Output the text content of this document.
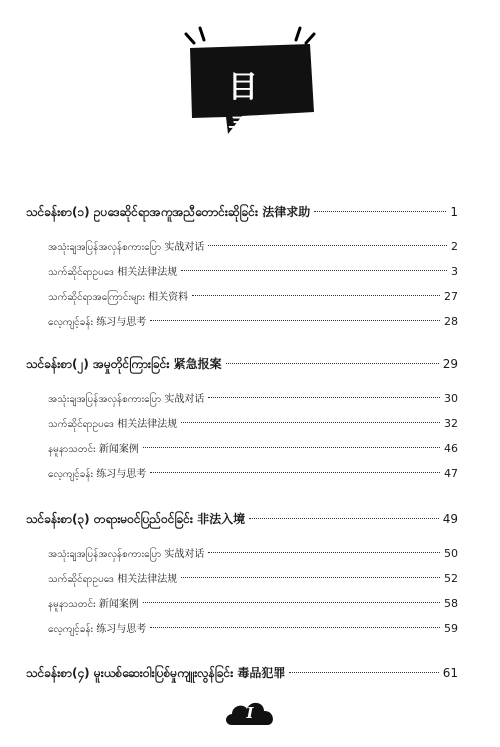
目 录
သင်ခန်းစာ(၁) ဥပဒေဆိုင်ရာအကူအညီတောင်းဆိုခြင်း 法律求助	1
အသုံးချအပြန်အလှန်စကားပြော 实战对话	2
သက်ဆိုင်ရာဥပဒေ 相关法律法规	3
သက်ဆိုင်ရာအကြောင်းများ 相关资料	27
လေ့ကျင့်ခန်း 练习与思考	28
သင်ခန်းစာ(၂) အမှုတိုင်ကြားခြင်း 紧急报案	29
အသုံးချအပြန်အလှန်စကားပြော 实战对话	30
သက်ဆိုင်ရာဥပဒေ 相关法律法规	32
နမူနာသတင်း 新闻案例	46
လေ့ကျင့်ခန်း 练习与思考	47
သင်ခန်းစာ(၃) တရားမဝင်ပြည်ဝင်ခြင်း 非法入境	49
အသုံးချအပြန်အလှန်စကားပြော 实战对话	50
သက်ဆိုင်ရာဥပဒေ 相关法律法规	52
နမူနာသတင်း 新闻案例	58
လေ့ကျင့်ခန်း 练习与思考	59
သင်ခန်းစာ(၄) မူးယစ်ဆေးဝါးပြစ်မှုကျူးလွန်ခြင်း 毒品犯罪	61
I
